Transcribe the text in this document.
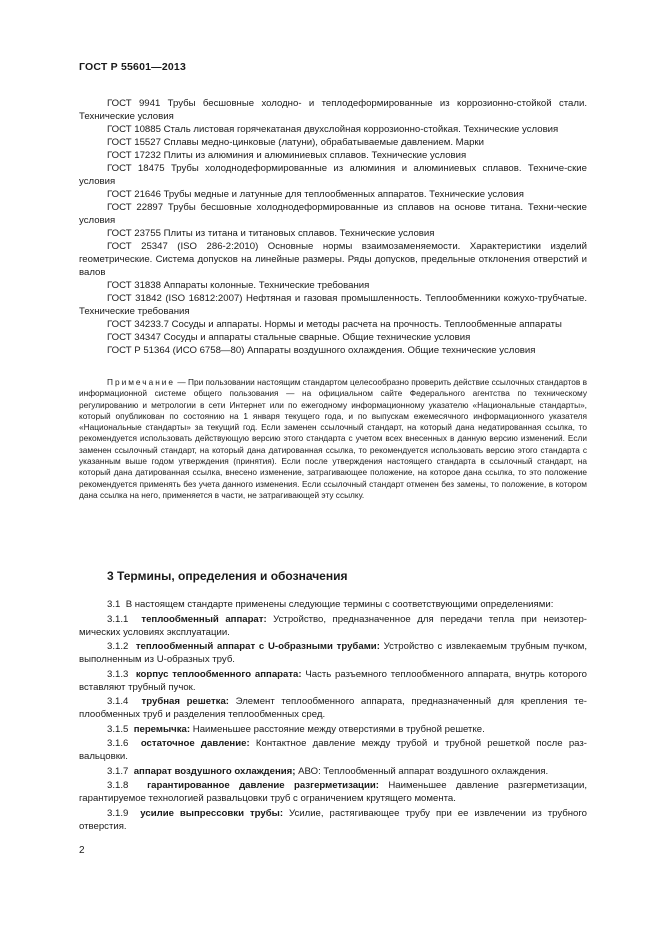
ГОСТ Р 55601—2013
ГОСТ 9941 Трубы бесшовные холодно- и теплодеформированные из коррозионно-стойкой стали. Технические условия
ГОСТ 10885 Сталь листовая горячекатаная двухслойная коррозионно-стойкая. Технические условия
ГОСТ 15527 Сплавы медно-цинковые (латуни), обрабатываемые давлением. Марки
ГОСТ 17232 Плиты из алюминия и алюминиевых сплавов. Технические условия
ГОСТ 18475 Трубы холоднодеформированные из алюминия и алюминиевых сплавов. Техниче-ские условия
ГОСТ 21646 Трубы медные и латунные для теплообменных аппаратов. Технические условия
ГОСТ 22897 Трубы бесшовные холоднодеформированные из сплавов на основе титана. Техни-ческие условия
ГОСТ 23755 Плиты из титана и титановых сплавов. Технические условия
ГОСТ 25347 (ISO 286-2:2010) Основные нормы взаимозаменяемости. Характеристики изделий геометрические. Система допусков на линейные размеры. Ряды допусков, предельные отклонения отверстий и валов
ГОСТ 31838 Аппараты колонные. Технические требования
ГОСТ 31842 (ISO 16812:2007) Нефтяная и газовая промышленность. Теплообменники кожухо-трубчатые. Технические требования
ГОСТ 34233.7 Сосуды и аппараты. Нормы и методы расчета на прочность. Теплообменные аппараты
ГОСТ 34347 Сосуды и аппараты стальные сварные. Общие технические условия
ГОСТ Р 51364 (ИСО 6758—80) Аппараты воздушного охлаждения. Общие технические условия
Примечание — При пользовании настоящим стандартом целесообразно проверить действие ссылочных стандартов в информационной системе общего пользования — на официальном сайте Федерального агентства по техническому регулированию и метрологии в сети Интернет или по ежегодному информационному указателю «Национальные стандарты», который опубликован по состоянию на 1 января текущего года, и по выпускам ежемесячного информационного указателя «Национальные стандарты» за текущий год. Если заменен ссылочный стандарт, на который дана недатированная ссылка, то рекомендуется использовать действующую версию этого стандарта с учетом всех внесенных в данную версию изменений. Если заменен ссылочный стандарт, на который дана датированная ссылка, то рекомендуется использовать версию этого стандарта с указанным выше годом утверждения (принятия). Если после утверждения настоящего стандарта в ссылочный стандарт, на который дана датированная ссылка, внесено изменение, затрагивающее положение, на которое дана ссылка, то это положение рекомендуется применять без учета данного изменения. Если ссылочный стандарт отменен без замены, то положение, в котором дана ссылка на него, применяется в части, не затрагивающей эту ссылку.
3 Термины, определения и обозначения
3.1 В настоящем стандарте применены следующие термины с соответствующими определениями:
3.1.1 теплообменный аппарат: Устройство, предназначенное для передачи тепла при неизотер-мических условиях эксплуатации.
3.1.2 теплообменный аппарат с U-образными трубами: Устройство с извлекаемым трубным пучком, выполненным из U-образных труб.
3.1.3 корпус теплообменного аппарата: Часть разъемного теплообменного аппарата, внутрь которого вставляют трубный пучок.
3.1.4 трубная решетка: Элемент теплообменного аппарата, предназначенный для крепления те-плообменных труб и разделения теплообменных сред.
3.1.5 перемычка: Наименьшее расстояние между отверстиями в трубной решетке.
3.1.6 остаточное давление: Контактное давление между трубой и трубной решеткой после раз-вальцовки.
3.1.7 аппарат воздушного охлаждения; АВО: Теплообменный аппарат воздушного охлаждения.
3.1.8 гарантированное давление разгерметизации: Наименьшее давление разгерметизации, гарантируемое технологией развальцовки труб с ограничением крутящего момента.
3.1.9 усилие выпрессовки трубы: Усилие, растягивающее трубу при ее извлечении из трубного отверстия.
2
